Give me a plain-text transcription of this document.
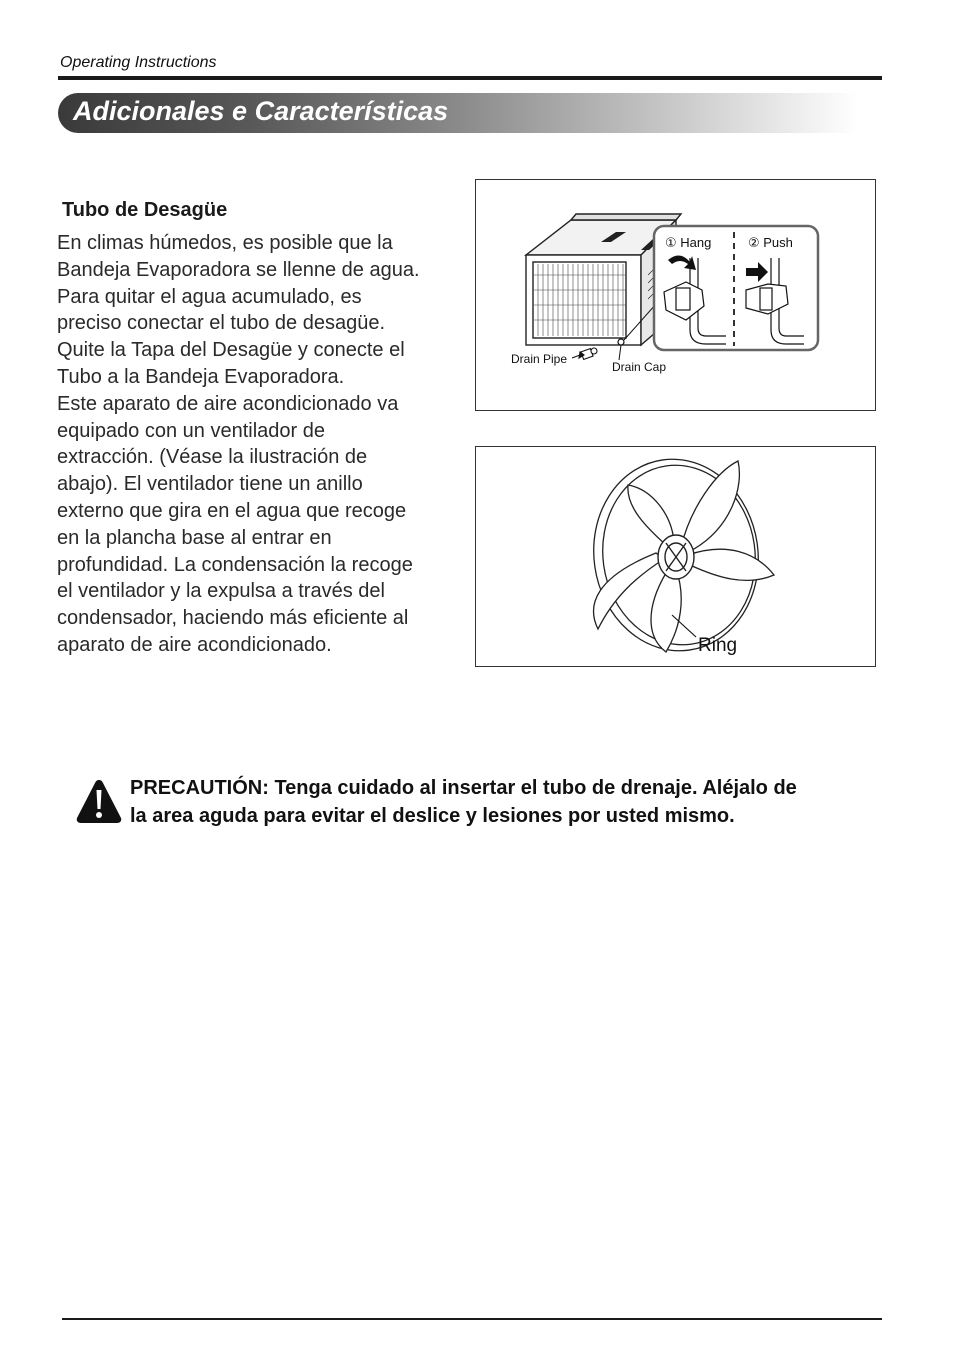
Operating Instructions
Adicionales e Características
Tubo de Desagüe
En climas húmedos, es posible que la
Bandeja Evaporadora se llenne de agua.
Para quitar el agua acumulado, es
preciso conectar el tubo de desagüe.
Quite la Tapa del Desagüe y conecte el
Tubo a la Bandeja Evaporadora.
Este aparato de aire acondicionado va
equipado con un ventilador de
extracción. (Véase la ilustración de
abajo). El ventilador tiene un anillo
externo que gira en el agua que recoge
en la plancha base al entrar en
profundidad. La condensación la recoge
el ventilador y la expulsa a través del
condensador, haciendo más eficiente al
aparato de aire acondicionado.
Drain Pipe
Drain Cap
① Hang	② Push
Ring
PRECAUTIÓN: Tenga cuidado al insertar el tubo de drenaje. Aléjalo de
la area aguda para evitar el deslice y lesiones por usted mismo.
